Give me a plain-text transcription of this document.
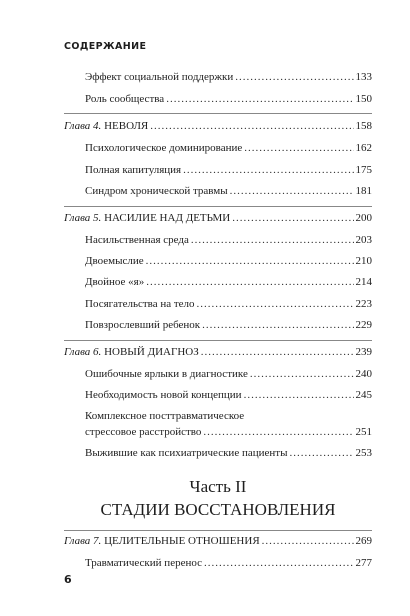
СОДЕРЖАНИЕ
Эффект социальной поддержки .....	133
Роль сообщества .....	150
Глава 4. НЕВОЛЯ .....	158
Психологическое доминирование .....	162
Полная капитуляция .....	175
Синдром хронической травмы .....	181
Глава 5. НАСИЛИЕ НАД ДЕТЬМИ .....	200
Насильственная среда .....	203
Двоемыслие .....	210
Двойное «я» .....	214
Посягательства на тело .....	223
Повзрослевший ребенок .....	229
Глава 6. НОВЫЙ ДИАГНОЗ .....	239
Ошибочные ярлыки в диагностике .....	240
Необходимость новой концепции .....	245
Комплексное посттравматическое
стрессовое расстройство .....	251
Выжившие как психиатрические пациенты .....	253
Часть II
СТАДИИ ВОССТАНОВЛЕНИЯ
Глава 7. ЦЕЛИТЕЛЬНЫЕ ОТНОШЕНИЯ .....	269
Травматический перенос .....	277
6
